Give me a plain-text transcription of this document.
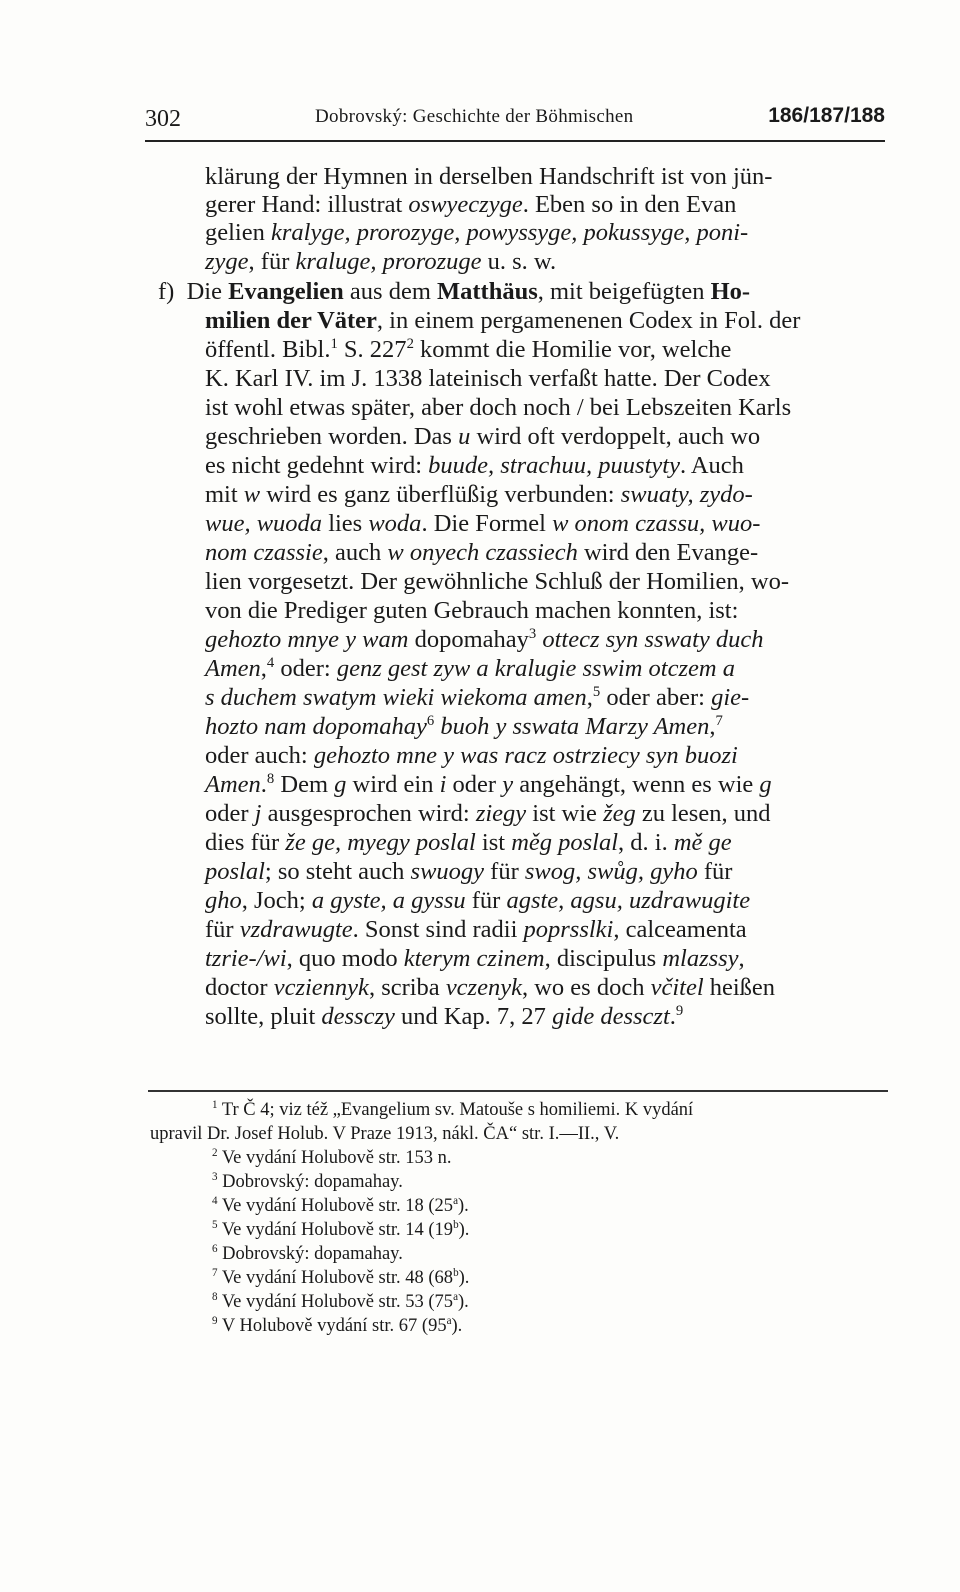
302	Dobrovský: Geschichte der Böhmischen	186/187/188
klärung der Hymnen in derselben Handschrift ist von jün-
gerer Hand: illustrat oswyeczyge. Eben so in den Evan
gelien kralyge, prorozyge, powyssyge, pokussyge, poni-
zyge, für kraluge, prorozuge u. s. w.
f)  Die Evangelien aus dem Matthäus, mit beigefügten Ho-
milien der Väter, in einem pergamenenen Codex in Fol. der
öffentl. Bibl.$^1$ S. $227^2$ kommt die Homilie vor, welche
K. Karl IV. im J. 1338 lateinisch verfaßt hatte. Der Codex
ist wohl etwas später, aber doch noch / bei Lebszeiten Karls
geschrieben worden. Das u wird oft verdoppelt, auch wo
es nicht gedehnt wird: buude, strachuu, puustyty. Auch
mit w wird es ganz überflüßig verbunden: swuaty, zydo-
wue, wuoda lies woda. Die Formel w onom czassu, wuo-
nom czassie, auch w onyech czassiech wird den Evange-
lien vorgesetzt. Der gewöhnliche Schluß der Homilien, wo-
von die Prediger guten Gebrauch machen konnten, ist:
gehozto mnye y wam dopomahay$^3$ ottecz syn sswaty duch
Amen,$^4$ oder: genz gest zyw a kralugie sswim otczem a
s duchem swatym wieki wiekoma amen,$^5$ oder aber: gie-
hozto nam dopomahay$^6$ buoh y sswata Marzy Amen,$^7$
oder auch: gehozto mne y was racz ostrziecy syn buozi
Amen.$^8$ Dem g wird ein i oder y angehängt, wenn es wie g
oder j ausgesprochen wird: ziegy ist wie žeg zu lesen, und
dies für že ge, myegy poslal ist měg poslal, d. i. mě ge
poslal; so steht auch swuogy für swog, swůg, gyho für
gho, Joch; a gyste, a gyssu für agste, agsu, uzdrawugite
für vzdrawugte. Sonst sind radii poprsslki, calceamenta
tzrie-/wi, quo modo kterym czinem, discipulus mlazssy,
doctor vcziennyk, scriba vczenyk, wo es doch včitel heißen
sollte, pluit dessczy und Kap. 7, 27 gide dessczt.$^9$
$^1$ Tr Č 4; viz též „Evangelium sv. Matouše s homiliemi. K vydání
upravil Dr. Josef Holub. V Praze 1913, nákl. ČA“ str. I.—II., V.
$^2$ Ve vydání Holubově str. 153 n.
$^3$ Dobrovský: dopamahay.
$^4$ Ve vydání Holubově str. 18 (25$^a$).
$^5$ Ve vydání Holubově str. 14 (19$^b$).
$^6$ Dobrovský: dopamahay.
$^7$ Ve vydání Holubově str. 48 (68$^b$).
$^8$ Ve vydání Holubově str. 53 (75$^a$).
$^9$ V Holubově vydání str. 67 (95$^a$).
